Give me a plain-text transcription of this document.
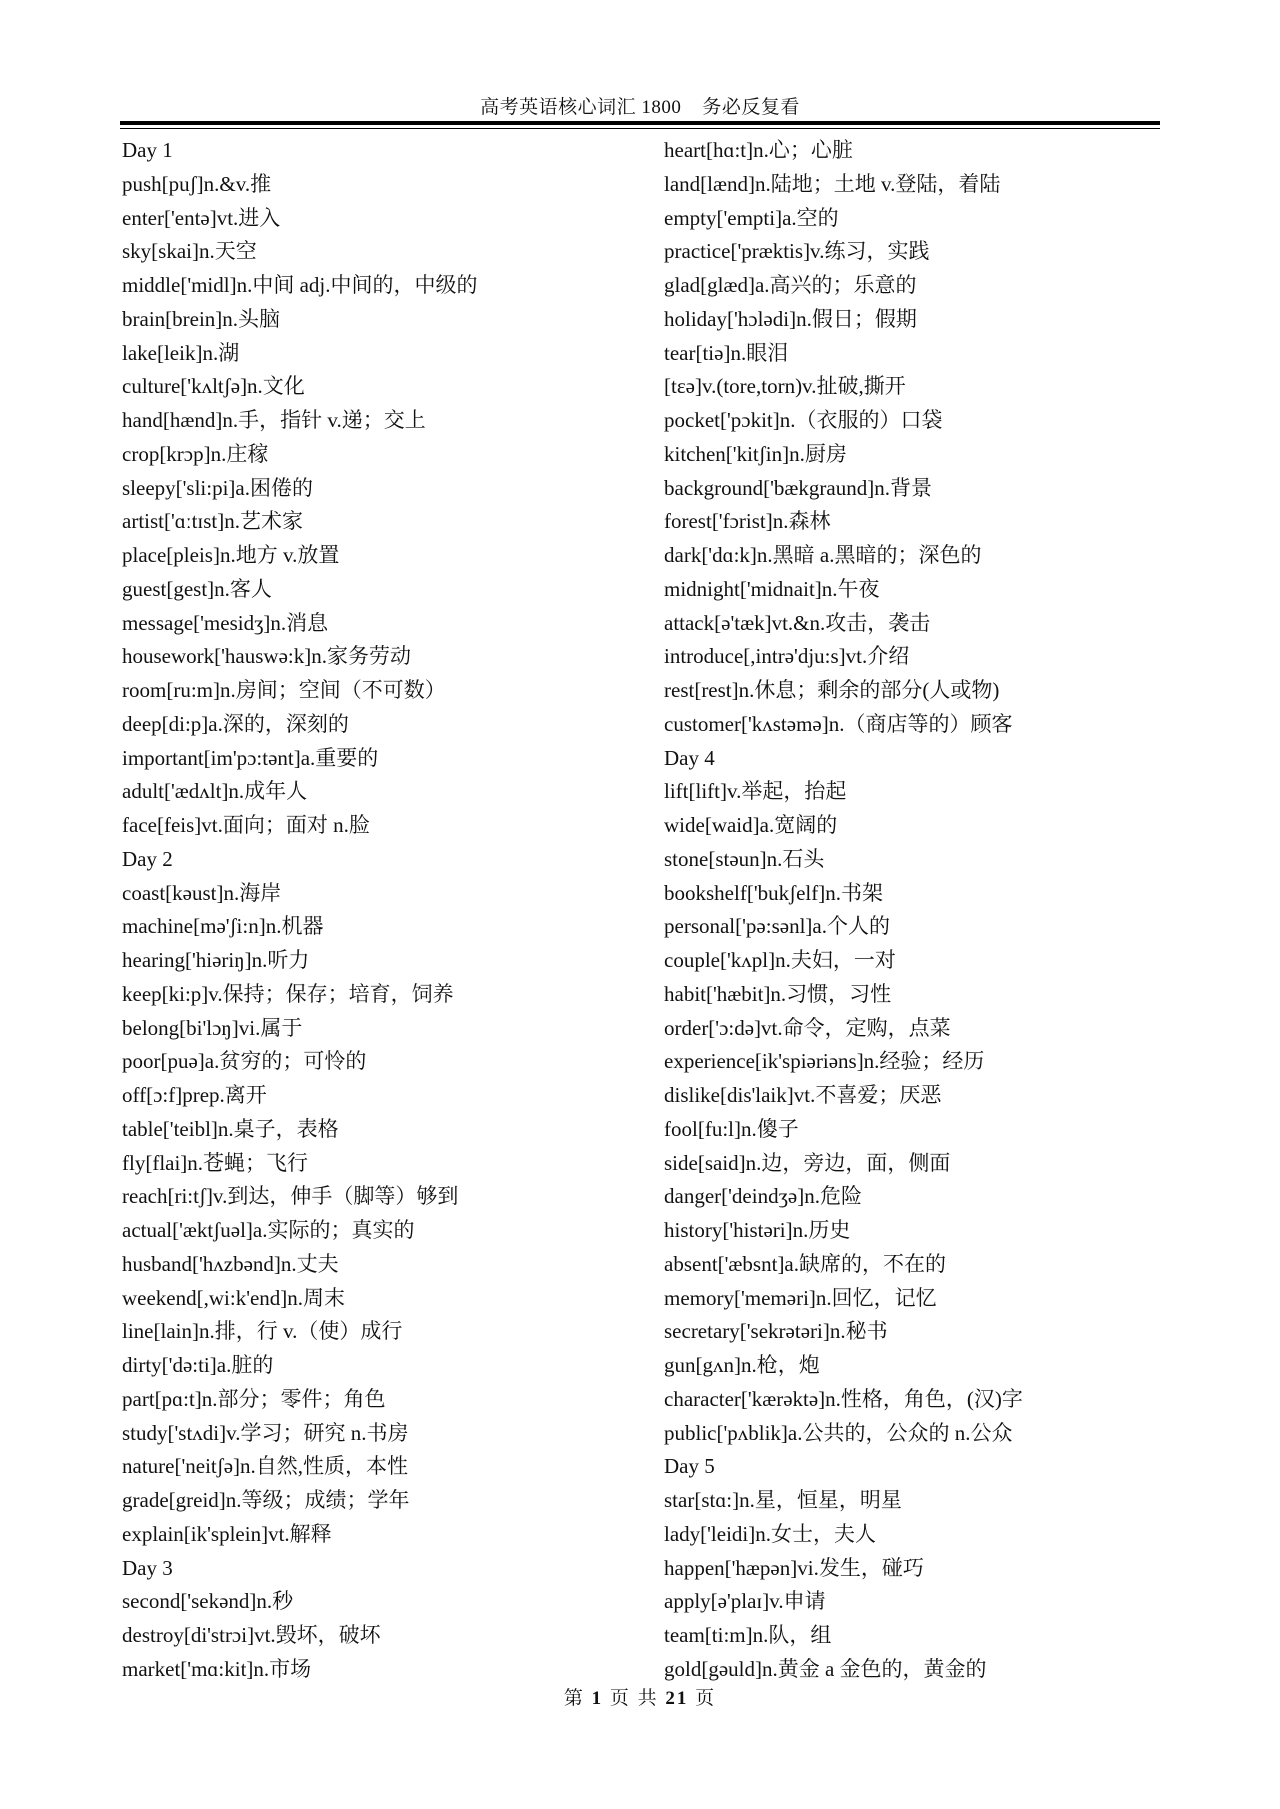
高考英语核心词汇 1800    务必反复看
Day 1
push[puʃ]n.&v.推
enter['entə]vt.进入
sky[skai]n.天空
middle['midl]n.中间 adj.中间的，中级的
brain[brein]n.头脑
lake[leik]n.湖
culture['kʌltʃə]n.文化
hand[hænd]n.手，指针 v.递；交上
crop[krɔp]n.庄稼
sleepy['sli:pi]a.困倦的
artist['ɑːtɪst]n.艺术家
place[pleis]n.地方 v.放置
guest[gest]n.客人
message['mesidʒ]n.消息
housework['hauswə:k]n.家务劳动
room[ru:m]n.房间；空间（不可数）
deep[di:p]a.深的，深刻的
important[im'pɔ:tənt]a.重要的
adult['ædʌlt]n.成年人
face[feis]vt.面向；面对 n.脸
Day 2
coast[kəust]n.海岸
machine[mə'ʃi:n]n.机器
hearing['hiəriŋ]n.听力
keep[ki:p]v.保持；保存；培育，饲养
belong[bi'lɔŋ]vi.属于
poor[puə]a.贫穷的；可怜的
off[ɔ:f]prep.离开
table['teibl]n.桌子，表格
fly[flai]n.苍蝇；飞行
reach[ri:tʃ]v.到达，伸手（脚等）够到
actual['æktʃuəl]a.实际的；真实的
husband['hʌzbənd]n.丈夫
weekend[,wi:k'end]n.周末
line[lain]n.排，行 v.（使）成行
dirty['də:ti]a.脏的
part[pɑ:t]n.部分；零件；角色
study['stʌdi]v.学习；研究 n.书房
nature['neitʃə]n.自然,性质，本性
grade[greid]n.等级；成绩；学年
explain[ik'splein]vt.解释
Day 3
second['sekənd]n.秒
destroy[di'strɔi]vt.毁坏，破坏
market['mɑ:kit]n.市场
heart[hɑ:t]n.心；心脏
land[lænd]n.陆地；土地 v.登陆，着陆
empty['empti]a.空的
practice['præktis]v.练习，实践
glad[glæd]a.高兴的；乐意的
holiday['hɔlədi]n.假日；假期
tear[tiə]n.眼泪
[tɛə]v.(tore,torn)v.扯破,撕开
pocket['pɔkit]n.（衣服的）口袋
kitchen['kitʃin]n.厨房
background['bækgraund]n.背景
forest['fɔrist]n.森林
dark['dɑ:k]n.黑暗 a.黑暗的；深色的
midnight['midnait]n.午夜
attack[ə'tæk]vt.&n.攻击，袭击
introduce[,intrə'dju:s]vt.介绍
rest[rest]n.休息；剩余的部分(人或物)
customer['kʌstəmə]n.（商店等的）顾客
Day 4
lift[lift]v.举起，抬起
wide[waid]a.宽阔的
stone[stəun]n.石头
bookshelf['bukʃelf]n.书架
personal['pə:sənl]a.个人的
couple['kʌpl]n.夫妇，一对
habit['hæbit]n.习惯，习性
order['ɔ:də]vt.命令，定购，点菜
experience[ik'spiəriəns]n.经验；经历
dislike[dis'laik]vt.不喜爱；厌恶
fool[fu:l]n.傻子
side[said]n.边，旁边，面，侧面
danger['deindʒə]n.危险
history['histəri]n.历史
absent['æbsnt]a.缺席的，不在的
memory['meməri]n.回忆，记忆
secretary['sekrətəri]n.秘书
gun[gʌn]n.枪，炮
character['kærəktə]n.性格，角色，(汉)字
public['pʌblik]a.公共的，公众的 n.公众
Day 5
star[stɑ:]n.星，恒星，明星
lady['leidi]n.女士，夫人
happen['hæpən]vi.发生，碰巧
apply[ə'plaɪ]v.申请
team[ti:m]n.队，组
gold[gəuld]n.黄金 a 金色的，黄金的
第 1 页 共 21 页
